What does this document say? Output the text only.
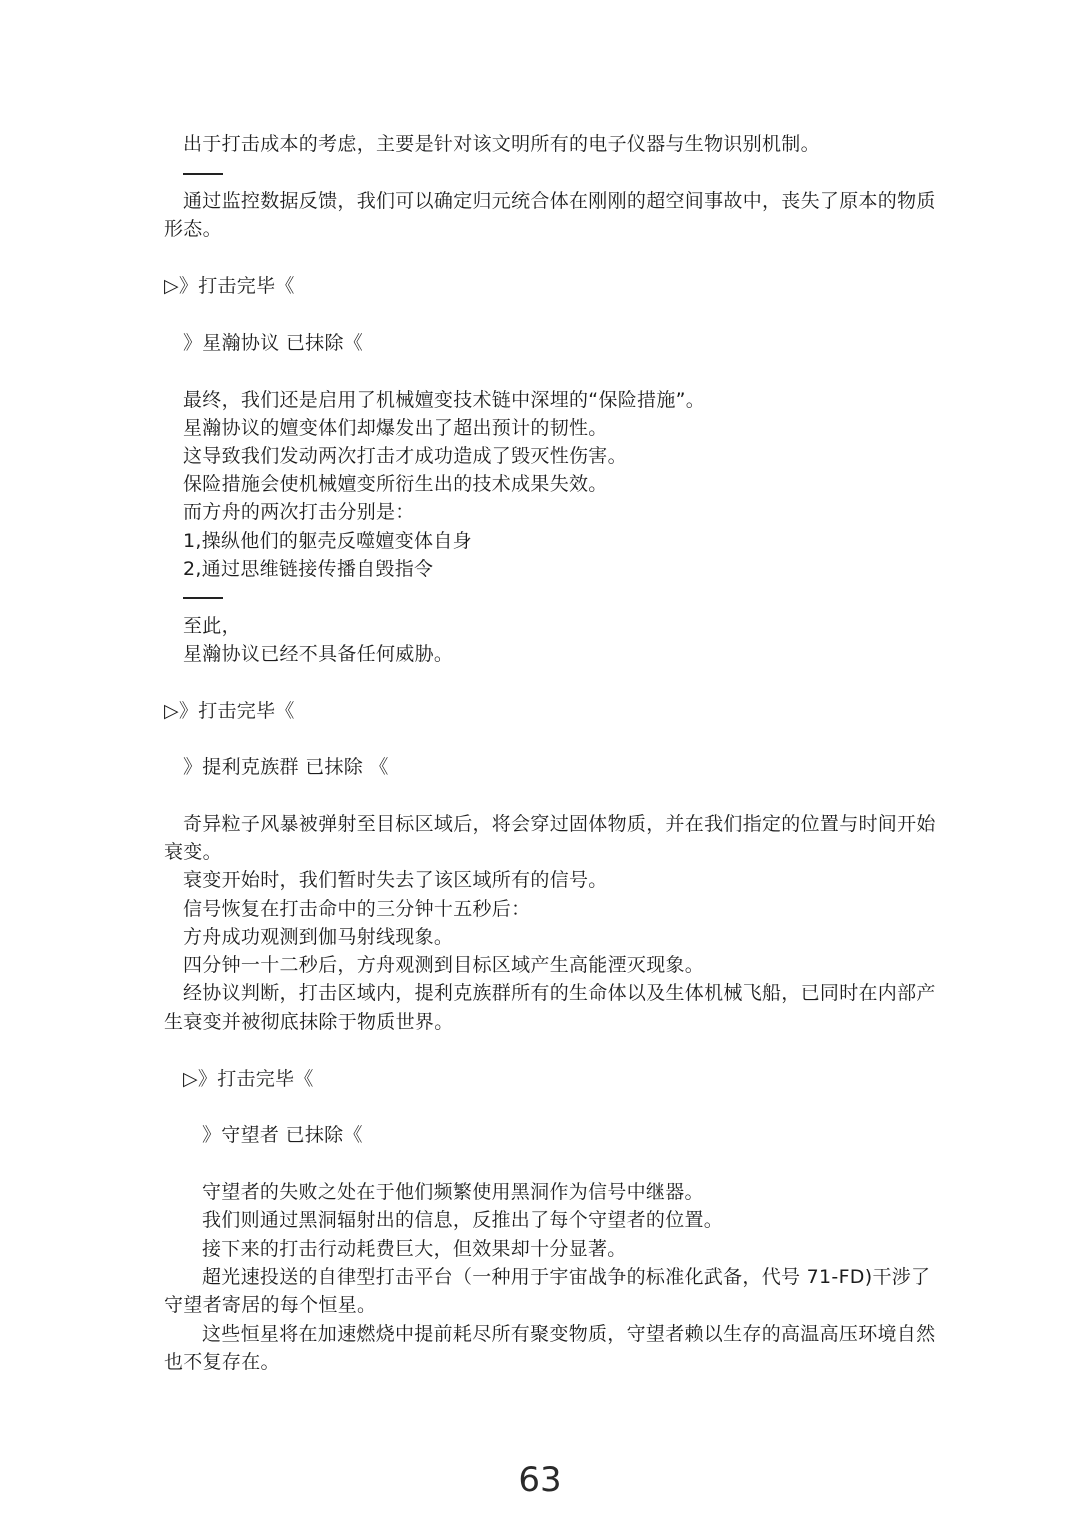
出于打击成本的考虑，主要是针对该文明所有的电子仪器与生物识别机制。
通过监控数据反馈，我们可以确定归元统合体在刚刚的超空间事故中，丧失了原本的物质
形态。
▷》打击完毕《
》星瀚协议 已抹除《
最终，我们还是启用了机械嬗变技术链中深埋的“保险措施”。
星瀚协议的嬗变体们却爆发出了超出预计的韧性。
这导致我们发动两次打击才成功造成了毁灭性伤害。
保险措施会使机械嬗变所衍生出的技术成果失效。
而方舟的两次打击分别是：
1,操纵他们的躯壳反噬嬗变体自身
2,通过思维链接传播自毁指令
至此，
星瀚协议已经不具备任何威胁。
▷》打击完毕《
》提利克族群 已抹除 《
奇异粒子风暴被弹射至目标区域后，将会穿过固体物质，并在我们指定的位置与时间开始
衰变。
衰变开始时，我们暂时失去了该区域所有的信号。
信号恢复在打击命中的三分钟十五秒后：
方舟成功观测到伽马射线现象。
四分钟一十二秒后，方舟观测到目标区域产生高能湮灭现象。
经协议判断，打击区域内，提利克族群所有的生命体以及生体机械飞船，已同时在内部产
生衰变并被彻底抹除于物质世界。
▷》打击完毕《
》守望者 已抹除《
守望者的失败之处在于他们频繁使用黑洞作为信号中继器。
我们则通过黑洞辐射出的信息，反推出了每个守望者的位置。
接下来的打击行动耗费巨大，但效果却十分显著。
超光速投送的自律型打击平台（一种用于宇宙战争的标准化武备，代号 71-FD)干涉了
守望者寄居的每个恒星。
这些恒星将在加速燃烧中提前耗尽所有聚变物质，守望者赖以生存的高温高压环境自然
也不复存在。
63
